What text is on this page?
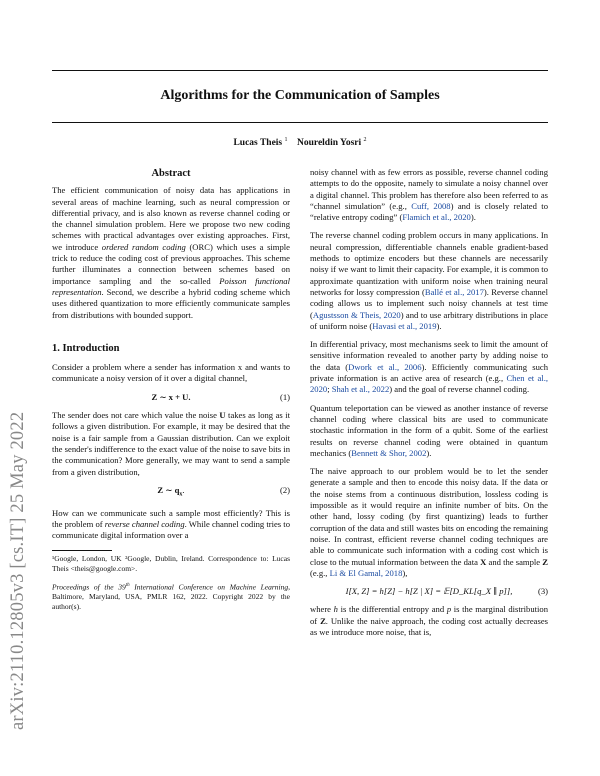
Algorithms for the Communication of Samples
Lucas Theis $^1$ Noureldin Yosri $^2$
arXiv:2110.12805v3 [cs.IT] 25 May 2022
Abstract

The efficient communication of noisy data has applications in several areas of machine learning, such as neural compression or differential privacy, and is also known as reverse channel coding or the channel simulation problem. Here we propose two new coding schemes with practical advantages over existing approaches. First, we introduce ordered random coding (ORC) which uses a simple trick to reduce the coding cost of previous approaches. This scheme further illuminates a connection between schemes based on importance sampling and the so-called Poisson functional representation. Second, we describe a hybrid coding scheme which uses dithered quantization to more efficiently communicate samples from distributions with bounded support.

1. Introduction

Consider a problem where a sender has information x and wants to communicate a noisy version of it over a digital channel,

Z ∼ x + U.	(1)

The sender does not care which value the noise U takes as long as it follows a given distribution. For example, it may be desired that the noise is a fair sample from a Gaussian distribution. Can we exploit the sender's indifference to the exact value of the noise to save bits in the communication? More generally, we may want to send a sample from a given distribution,

Z ∼ $q_x$.	(2)

How can we communicate such a sample most efficiently? This is the problem of reverse channel coding. While channel coding tries to communicate digital information over a

¹Google, London, UK ²Google, Dublin, Ireland. Correspondence to: Lucas Theis <theis@google.com>.

Proceedings of the 39th International Conference on Machine Learning, Baltimore, Maryland, USA, PMLR 162, 2022. Copyright 2022 by the author(s).

noisy channel with as few errors as possible, reverse channel coding attempts to do the opposite, namely to simulate a noisy channel over a digital channel. This problem has therefore also been referred to as “channel simulation” (e.g., Cuff, 2008) and is closely related to “relative entropy coding” (Flamich et al., 2020).

The reverse channel coding problem occurs in many applications. In neural compression, differentiable channels enable gradient-based methods to optimize encoders but these channels are necessarily noisy if we want to limit their capacity. For example, it is common to approximate quantization with uniform noise when training neural networks for lossy compression (Ballé et al., 2017). Reverse channel coding allows us to implement such noisy channels at test time (Agustsson & Theis, 2020) and to use arbitrary distributions in place of uniform noise (Havasi et al., 2019).

In differential privacy, most mechanisms seek to limit the amount of sensitive information revealed to another party by adding noise to the data (Dwork et al., 2006). Efficiently communicating such private information is an active area of research (e.g., Chen et al., 2020; Shah et al., 2022) and the goal of reverse channel coding.

Quantum teleportation can be viewed as another instance of reverse channel coding where classical bits are used to communicate stochastic information in the form of a qubit. Some of the earliest results on reverse channel coding were obtained in quantum mechanics (Bennett & Shor, 2002).

The naive approach to our problem would be to let the sender generate a sample and then to encode this noisy data. If the data or the noise stems from a continuous distribution, lossless coding is impossible as it would require an infinite number of bits. On the other hand, lossy coding (by first quantizing) leads to further corruption of the data and still wastes bits on encoding the remaining noise. In contrast, efficient reverse channel coding techniques are able to communicate such information with a coding cost which is close to the mutual information between the data X and the sample Z (e.g., Li & El Gamal, 2018),

I[X, Z] = h[Z] − h[Z | X] = 𝔼[D_KL[q_X ∥ p]],	(3)

where h is the differential entropy and p is the marginal distribution of Z. Unlike the naive approach, the coding cost actually decreases as we introduce more noise, that is,
